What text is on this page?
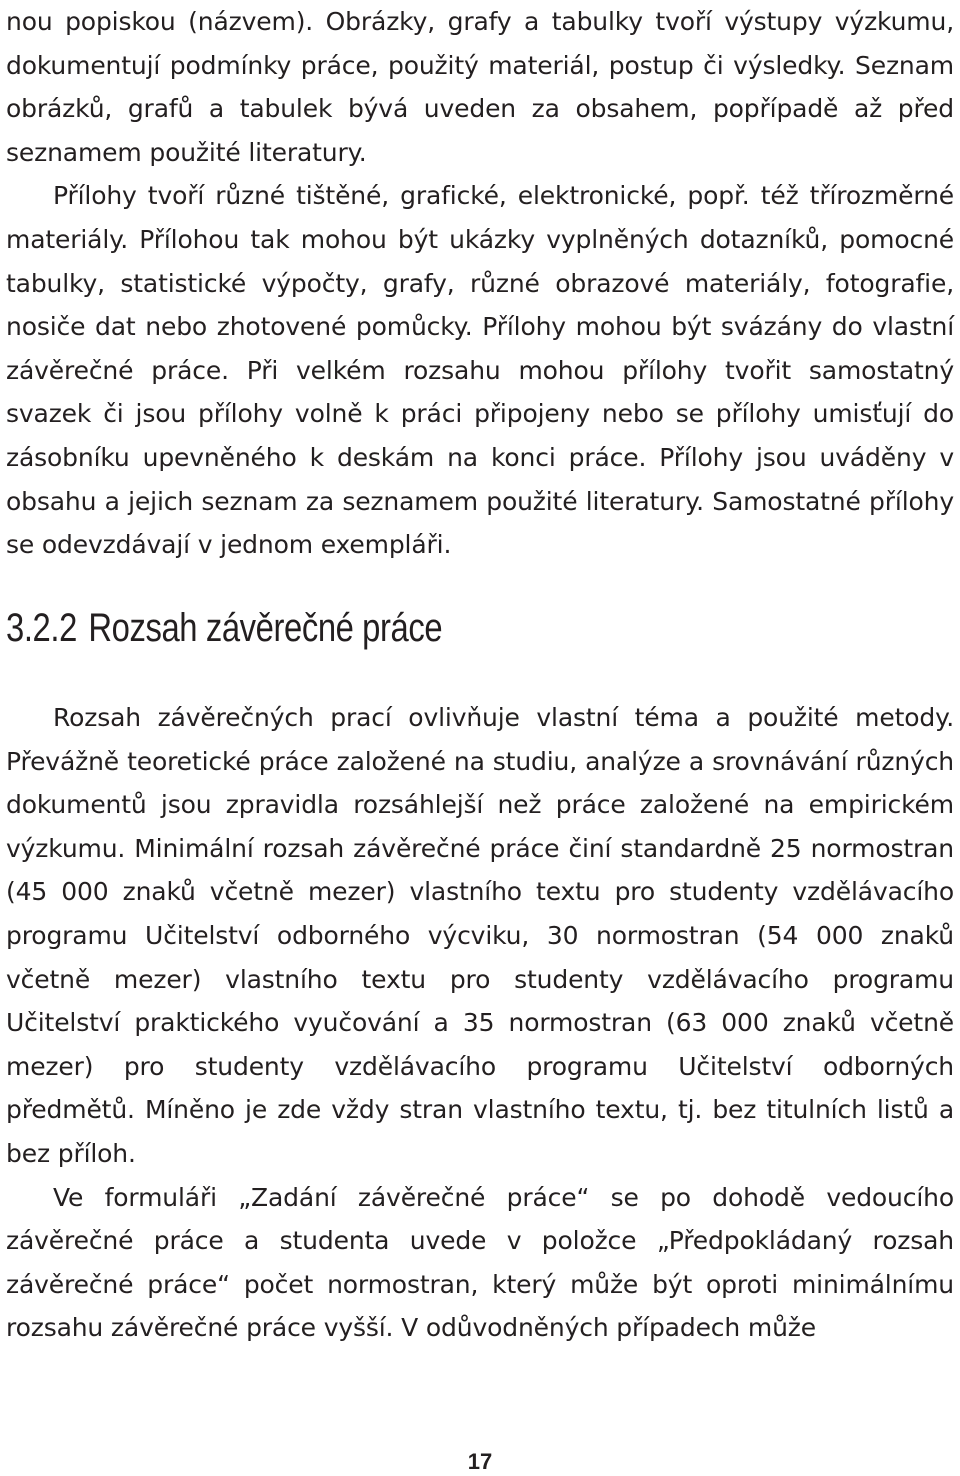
nou popiskou (názvem). Obrázky, grafy a tabulky tvoří výstupy výzkumu, dokumentují podmínky práce, použitý materiál, postup či výsledky. Seznam obrázků, grafů a tabulek bývá uveden za obsahem, popřípadě až před seznamem použité literatury.

Přílohy tvoří různé tištěné, grafické, elektronické, popř. též třírozměrné materiály. Přílohou tak mohou být ukázky vyplněných dotazníků, pomocné tabulky, statistické výpočty, grafy, různé obrazové materiály, fotografie, nosiče dat nebo zhotovené pomůcky. Přílohy mohou být svázány do vlastní závěrečné práce. Při velkém rozsahu mohou přílohy tvořit samostatný svazek či jsou přílohy volně k práci připojeny nebo se přílohy umisťují do zásobníku upevněného k deskám na konci práce. Přílohy jsou uváděny v obsahu a jejich seznam za seznamem použité literatury. Samostatné přílohy se odevzdávají v jednom exempláři.

3.2.2 Rozsah závěrečné práce

Rozsah závěrečných prací ovlivňuje vlastní téma a použité metody. Převážně teoretické práce založené na studiu, analýze a srovnávání různých dokumentů jsou zpravidla rozsáhlejší než práce založené na empirickém výzkumu. Minimální rozsah závěrečné práce činí standardně 25 normostran (45 000 znaků včetně mezer) vlastního textu pro studenty vzdělávacího programu Učitelství odborného výcviku, 30 normostran (54 000 znaků včetně mezer) vlastního textu pro studenty vzdělávacího programu Učitelství praktického vyučování a 35 normostran (63 000 znaků včetně mezer) pro studenty vzdělávacího programu Učitelství odborných předmětů. Míněno je zde vždy stran vlastního textu, tj. bez titulních listů a bez příloh.

Ve formuláři „Zadání závěrečné práce“ se po dohodě vedoucího závěrečné práce a studenta uvede v položce „Předpokládaný rozsah závěrečné práce“ počet normostran, který může být oproti minimálnímu rozsahu závěrečné práce vyšší. V odůvodněných případech může

17
